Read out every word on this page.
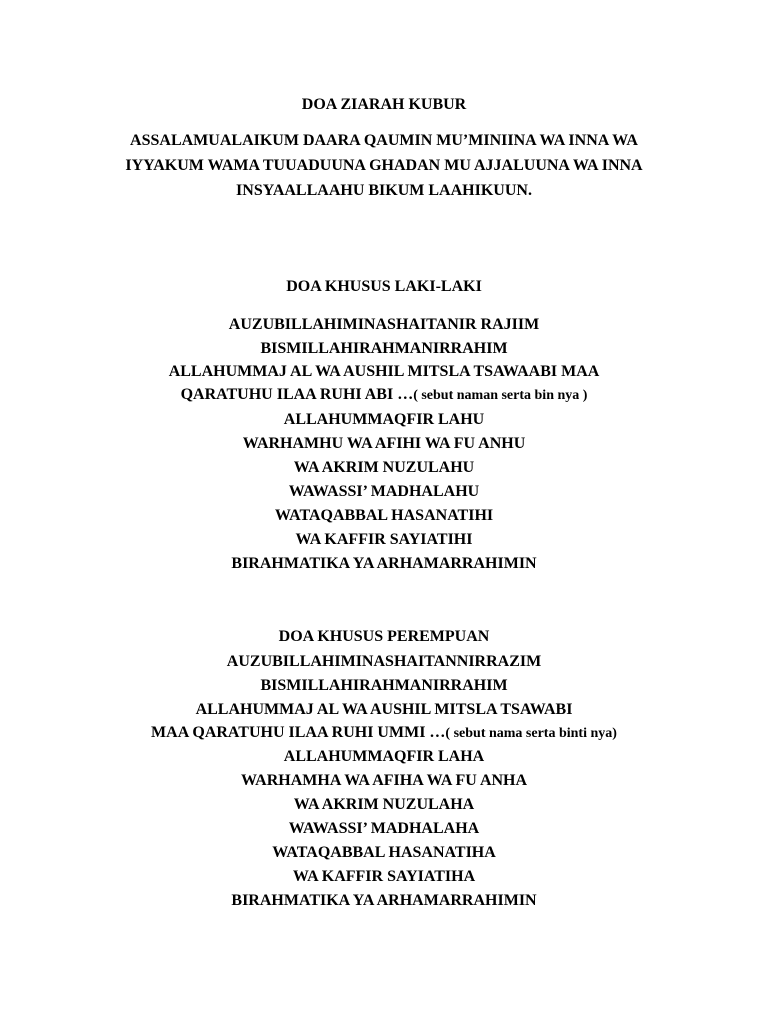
DOA ZIARAH KUBUR
ASSALAMUALAIKUM DAARA QAUMIN MU’MINIINA WA INNA WA
IYYAKUM WAMA TUUADUUNA GHADAN MU AJJALUUNA WA INNA
INSYAALLAAHU BIKUM LAAHIKUUN.
DOA KHUSUS LAKI-LAKI
AUZUBILLAHIMINASHAITANIR RAJIIM
BISMILLAHIRAHMANIRRAHIM
ALLAHUMMAJ AL WA AUSHIL MITSLA TSAWAABI MAA
QARATUHU ILAA RUHI ABI …( sebut naman serta bin nya )
ALLAHUMMAQFIR LAHU
WARHAMHU WA AFIHI WA FU ANHU
WA AKRIM NUZULAHU
WAWASSI’ MADHALAHU
WATAQABBAL HASANATIHI
WA KAFFIR SAYIATIHI
BIRAHMATIKA YA ARHAMARRAHIMIN
DOA KHUSUS PEREMPUAN
AUZUBILLAHIMINASHAITANNIRRAZIM
BISMILLAHIRAHMANIRRAHIM
ALLAHUMMAJ AL WA AUSHIL MITSLA TSAWABI
MAA QARATUHU ILAA RUHI UMMI …( sebut nama serta binti nya)
ALLAHUMMAQFIR LAHA
WARHAMHA WA AFIHA WA FU ANHA
WA AKRIM NUZULAHA
WAWASSI’ MADHALAHA
WATAQABBAL HASANATIHA
WA KAFFIR SAYIATIHA
BIRAHMATIKA YA ARHAMARRAHIMIN
